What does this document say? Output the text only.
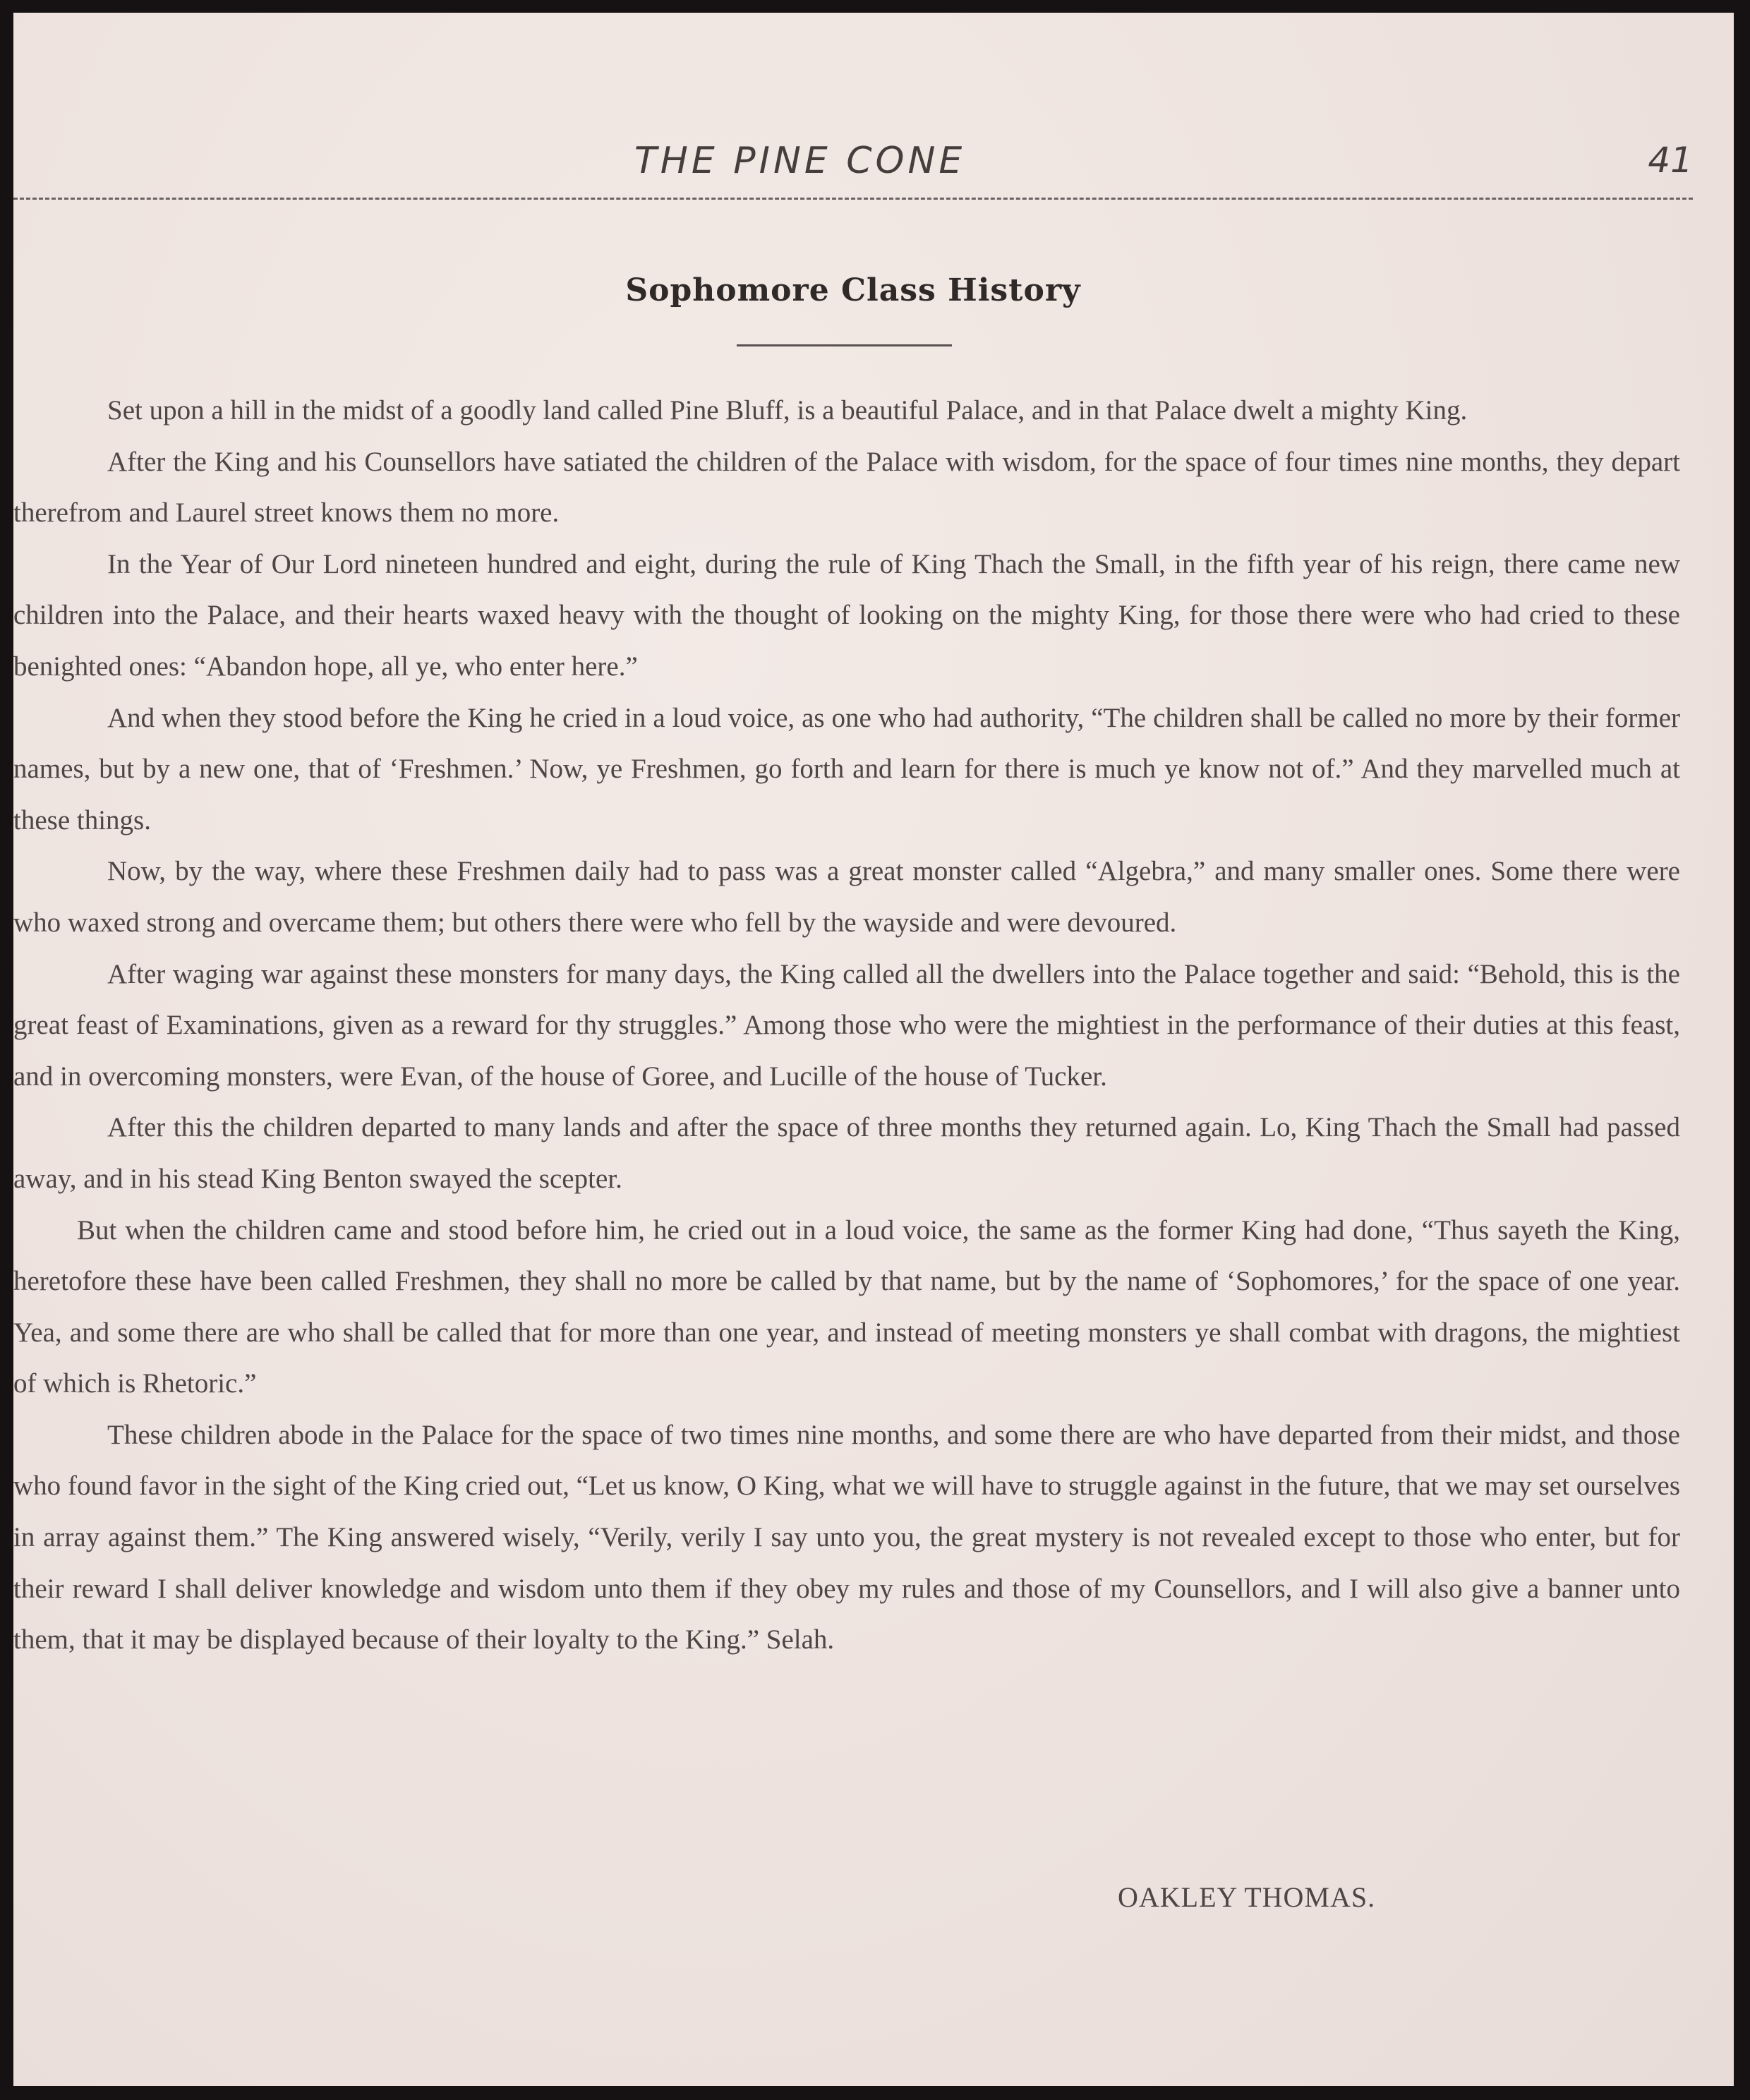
THE PINE CONE	41
Sophomore Class History

Set upon a hill in the midst of a goodly land called Pine Bluff, is a beautiful Palace, and in that Palace dwelt a mighty King.

After the King and his Counsellors have satiated the children of the Palace with wisdom, for the space of four times nine months, they depart therefrom and Laurel street knows them no more.

In the Year of Our Lord nineteen hundred and eight, during the rule of King Thach the Small, in the fifth year of his reign, there came new children into the Palace, and their hearts waxed heavy with the thought of looking on the mighty King, for those there were who had cried to these benighted ones: “Abandon hope, all ye, who enter here.”

And when they stood before the King he cried in a loud voice, as one who had authority, “The children shall be called no more by their former names, but by a new one, that of ‘Freshmen.’ Now, ye Freshmen, go forth and learn for there is much ye know not of.” And they marvelled much at these things.

Now, by the way, where these Freshmen daily had to pass was a great monster called “Algebra,” and many smaller ones. Some there were who waxed strong and overcame them; but others there were who fell by the wayside and were devoured.

After waging war against these monsters for many days, the King called all the dwellers into the Palace together and said: “Behold, this is the great feast of Examinations, given as a reward for thy struggles.” Among those who were the mightiest in the performance of their duties at this feast, and in overcoming monsters, were Evan, of the house of Goree, and Lucille of the house of Tucker.

After this the children departed to many lands and after the space of three months they returned again. Lo, King Thach the Small had passed away, and in his stead King Benton swayed the scepter.

But when the children came and stood before him, he cried out in a loud voice, the same as the former King had done, “Thus sayeth the King, heretofore these have been called Freshmen, they shall no more be called by that name, but by the name of ‘Sophomores,’ for the space of one year. Yea, and some there are who shall be called that for more than one year, and instead of meeting monsters ye shall combat with dragons, the mightiest of which is Rhetoric.”

These children abode in the Palace for the space of two times nine months, and some there are who have departed from their midst, and those who found favor in the sight of the King cried out, “Let us know, O King, what we will have to struggle against in the future, that we may set ourselves in array against them.” The King answered wisely, “Verily, verily I say unto you, the great mystery is not revealed except to those who enter, but for their reward I shall deliver knowledge and wisdom unto them if they obey my rules and those of my Counsellors, and I will also give a banner unto them, that it may be displayed because of their loyalty to the King.” Selah.

OAKLEY THOMAS.
